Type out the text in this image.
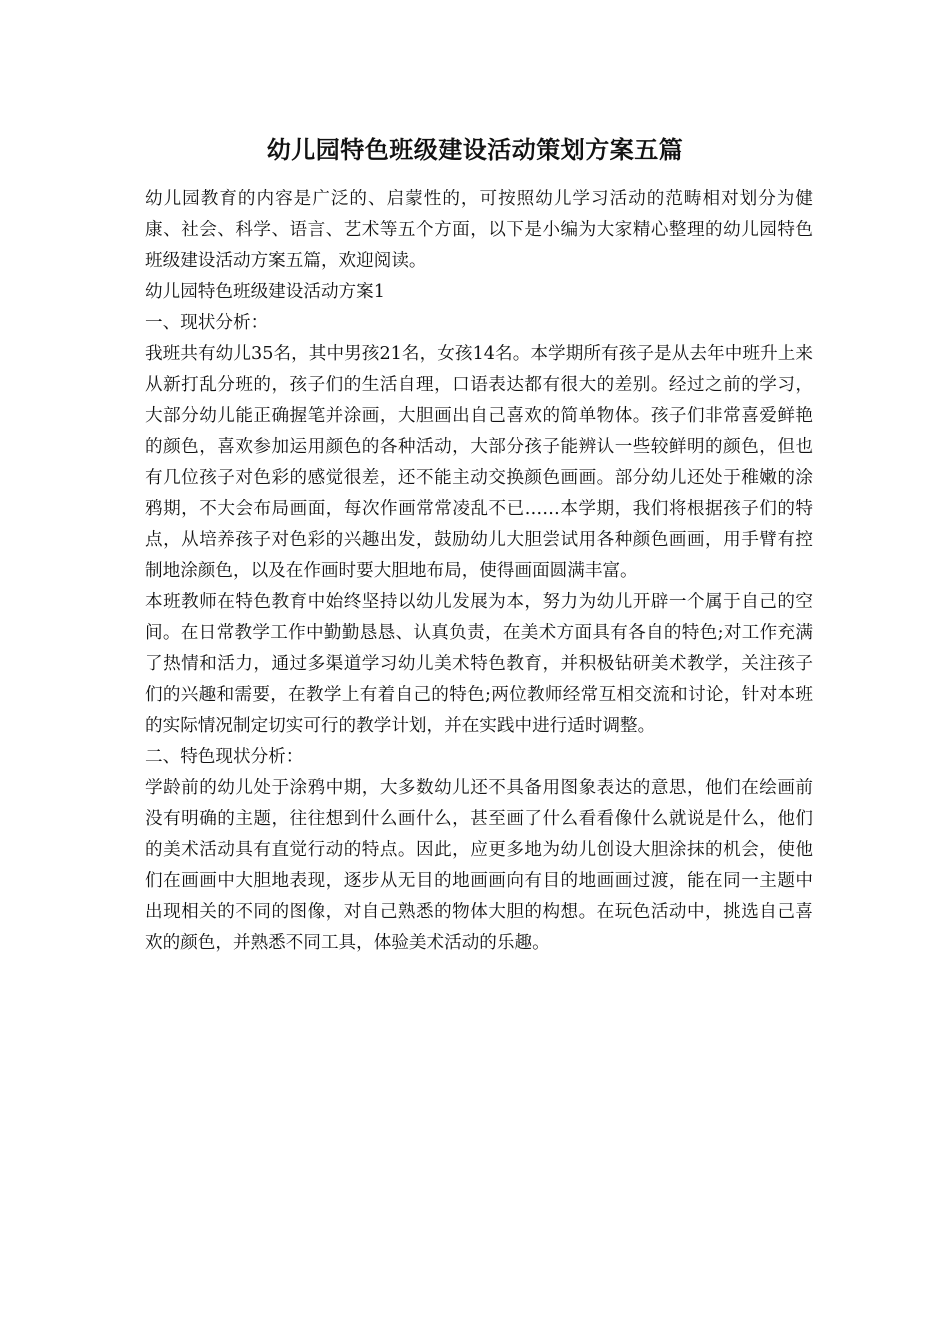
幼儿园特色班级建设活动策划方案五篇

幼儿园教育的内容是广泛的、启蒙性的，可按照幼儿学习活动的范畴相对划分为健康、社会、科学、语言、艺术等五个方面，以下是小编为大家精心整理的幼儿园特色班级建设活动方案五篇，欢迎阅读。

幼儿园特色班级建设活动方案1

一、现状分析：

我班共有幼儿35名，其中男孩21名，女孩14名。本学期所有孩子是从去年中班升上来从新打乱分班的，孩子们的生活自理，口语表达都有很大的差别。经过之前的学习，大部分幼儿能正确握笔并涂画，大胆画出自己喜欢的简单物体。孩子们非常喜爱鲜艳的颜色，喜欢参加运用颜色的各种活动，大部分孩子能辨认一些较鲜明的颜色，但也有几位孩子对色彩的感觉很差，还不能主动交换颜色画画。部分幼儿还处于稚嫩的涂鸦期，不大会布局画面，每次作画常常凌乱不已……本学期，我们将根据孩子们的特点，从培养孩子对色彩的兴趣出发，鼓励幼儿大胆尝试用各种颜色画画，用手臂有控制地涂颜色，以及在作画时要大胆地布局，使得画面圆满丰富。

本班教师在特色教育中始终坚持以幼儿发展为本，努力为幼儿开辟一个属于自己的空间。在日常教学工作中勤勤恳恳、认真负责，在美术方面具有各自的特色;对工作充满了热情和活力，通过多渠道学习幼儿美术特色教育，并积极钻研美术教学，关注孩子们的兴趣和需要，在教学上有着自己的特色;两位教师经常互相交流和讨论，针对本班的实际情况制定切实可行的教学计划，并在实践中进行适时调整。

二、特色现状分析：

学龄前的幼儿处于涂鸦中期，大多数幼儿还不具备用图象表达的意思，他们在绘画前没有明确的主题，往往想到什么画什么，甚至画了什么看看像什么就说是什么，他们的美术活动具有直觉行动的特点。因此，应更多地为幼儿创设大胆涂抹的机会，使他们在画画中大胆地表现，逐步从无目的地画画向有目的地画画过渡，能在同一主题中出现相关的不同的图像，对自己熟悉的物体大胆的构想。在玩色活动中，挑选自己喜欢的颜色，并熟悉不同工具，体验美术活动的乐趣。
